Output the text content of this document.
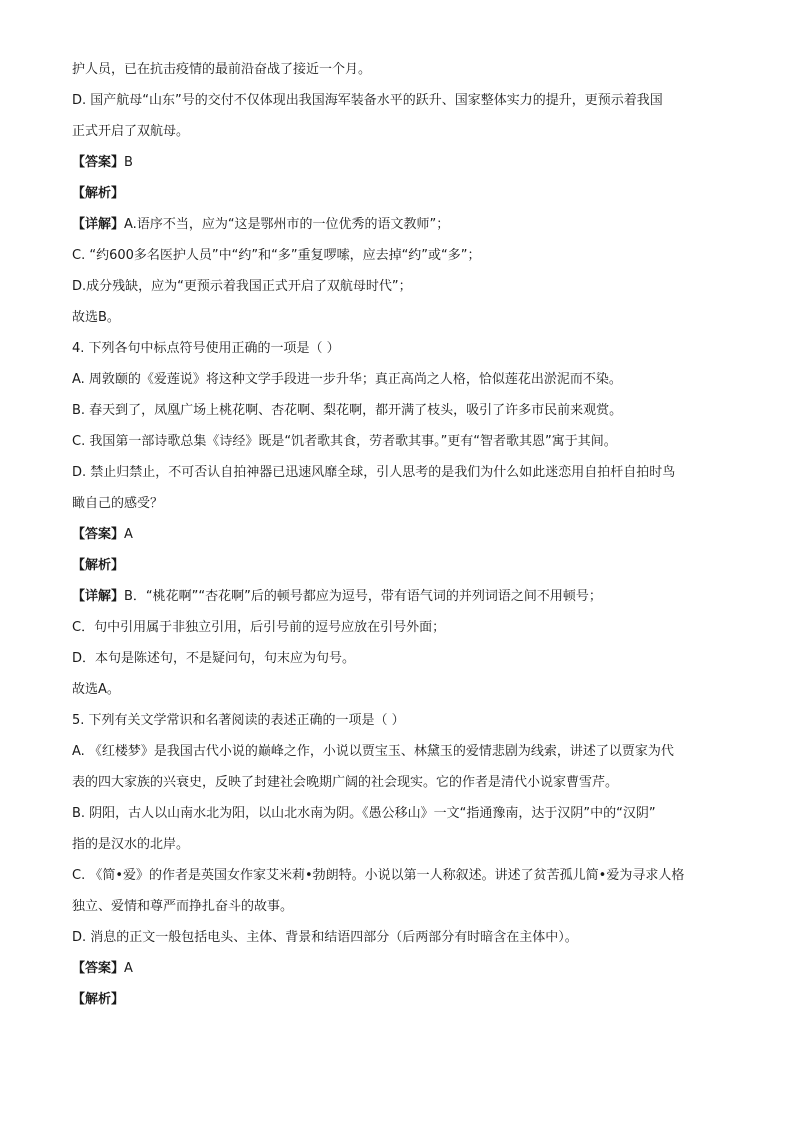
护人员，已在抗击疫情的最前沿奋战了接近一个月。
D. 国产航母“山东”号的交付不仅体现出我国海军装备水平的跃升、国家整体实力的提升，更预示着我国
正式开启了双航母。
【答案】B
【解析】
【详解】A.语序不当，应为“这是鄂州市的一位优秀的语文教师”；
C. “约600多名医护人员”中“约”和“多”重复啰嗦，应去掉“约”或“多”；
D.成分残缺，应为“更预示着我国正式开启了双航母时代”；
故选B。
4. 下列各句中标点符号使用正确的一项是（ ）
A. 周敦颐的《爱莲说》将这种文学手段进一步升华；真正高尚之人格，恰似莲花出淤泥而不染。
B. 春天到了，凤凰广场上桃花啊、杏花啊、梨花啊，都开满了枝头，吸引了许多市民前来观赏。
C. 我国第一部诗歌总集《诗经》既是“饥者歌其食，劳者歌其事。”更有“智者歌其恩”寓于其间。
D. 禁止归禁止，不可否认自拍神器已迅速风靡全球，引人思考的是我们为什么如此迷恋用自拍杆自拍时鸟
瞰自己的感受？
【答案】A
【解析】
【详解】B．“桃花啊”“杏花啊”后的顿号都应为逗号，带有语气词的并列词语之间不用顿号；
C．句中引用属于非独立引用，后引号前的逗号应放在引号外面；
D．本句是陈述句，不是疑问句，句末应为句号。
故选A。
5. 下列有关文学常识和名著阅读的表述正确的一项是（ ）
A. 《红楼梦》是我国古代小说的巅峰之作，小说以贾宝玉、林黛玉的爱情悲剧为线索，讲述了以贾家为代
表的四大家族的兴衰史，反映了封建社会晚期广阔的社会现实。它的作者是清代小说家曹雪芹。
B. 阴阳，古人以山南水北为阳，以山北水南为阴。《愚公移山》一文“指通豫南，达于汉阴”中的“汉阴”
指的是汉水的北岸。
C. 《简•爱》的作者是英国女作家艾米莉•勃朗特。小说以第一人称叙述。讲述了贫苦孤儿简•爱为寻求人格
独立、爱情和尊严而挣扎奋斗的故事。
D. 消息的正文一般包括电头、主体、背景和结语四部分（后两部分有时暗含在主体中）。
【答案】A
【解析】
